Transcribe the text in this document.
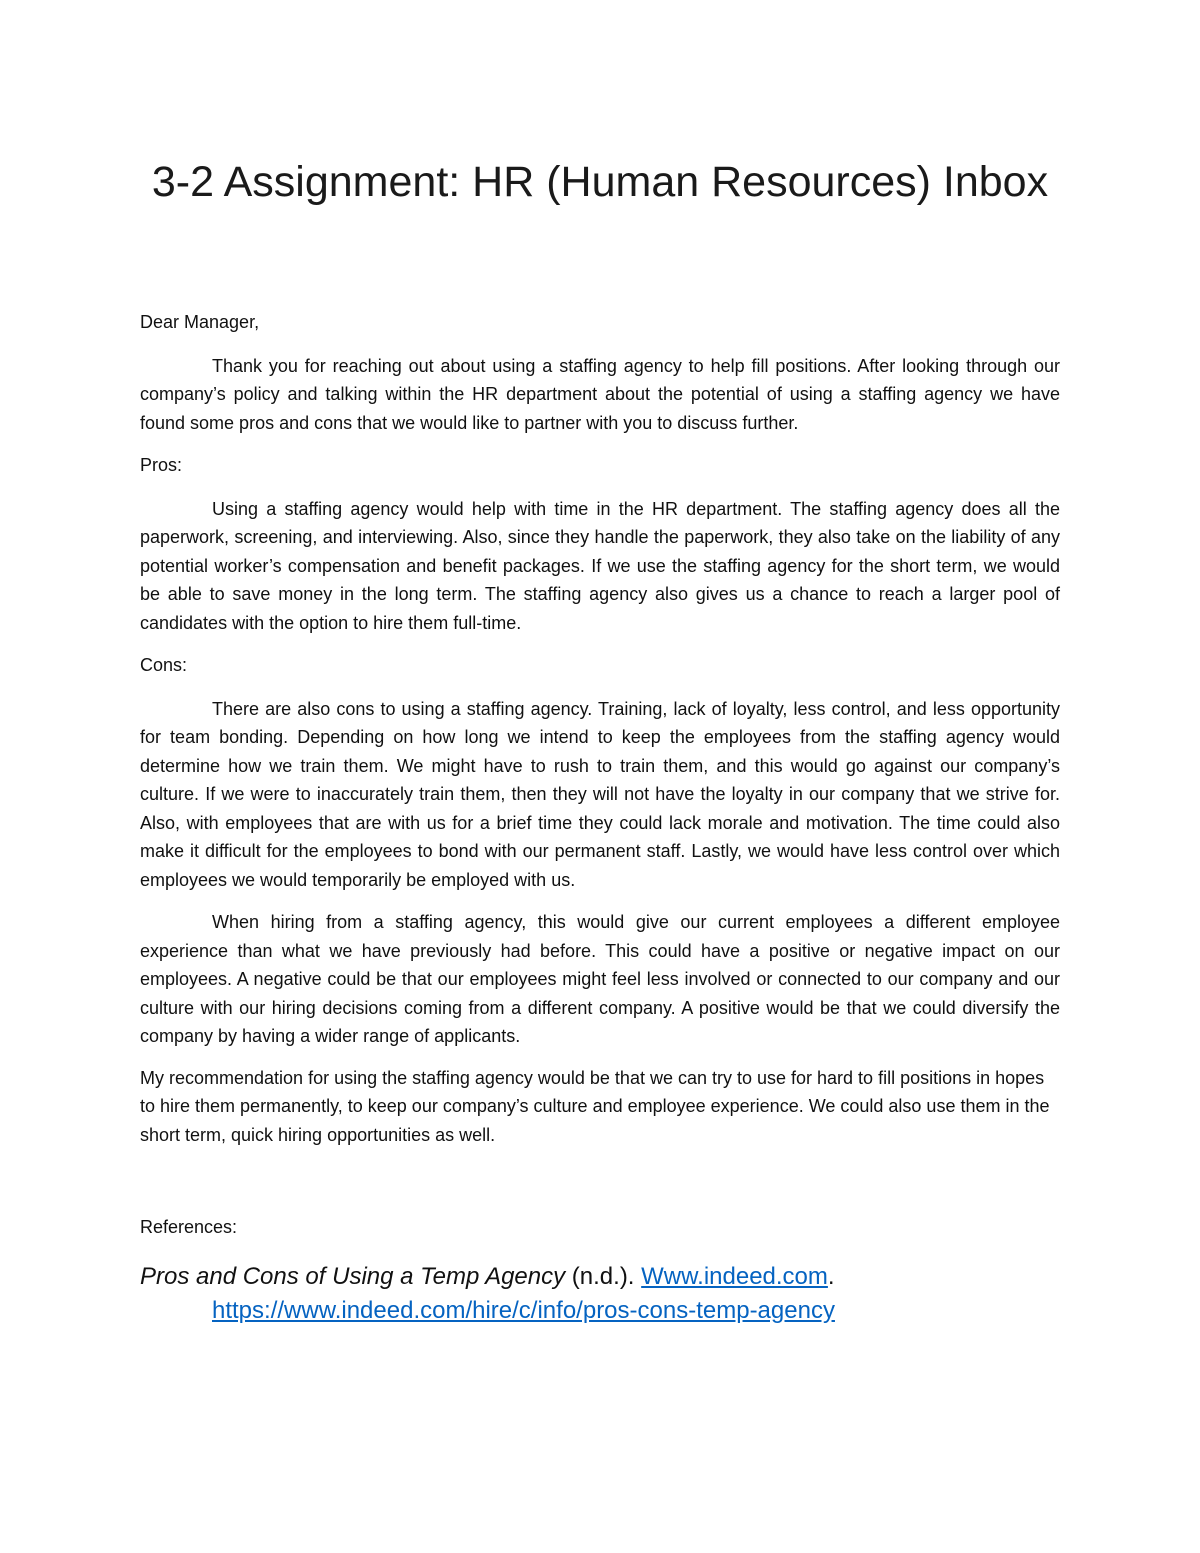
3-2 Assignment: HR (Human Resources) Inbox

Dear Manager,

Thank you for reaching out about using a staffing agency to help fill positions. After looking through our company’s policy and talking within the HR department about the potential of using a staffing agency we have found some pros and cons that we would like to partner with you to discuss further.

Pros:

Using a staffing agency would help with time in the HR department. The staffing agency does all the paperwork, screening, and interviewing. Also, since they handle the paperwork, they also take on the liability of any potential worker’s compensation and benefit packages. If we use the staffing agency for the short term, we would be able to save money in the long term. The staffing agency also gives us a chance to reach a larger pool of candidates with the option to hire them full-time.

Cons:

There are also cons to using a staffing agency. Training, lack of loyalty, less control, and less opportunity for team bonding. Depending on how long we intend to keep the employees from the staffing agency would determine how we train them. We might have to rush to train them, and this would go against our company’s culture. If we were to inaccurately train them, then they will not have the loyalty in our company that we strive for. Also, with employees that are with us for a brief time they could lack morale and motivation. The time could also make it difficult for the employees to bond with our permanent staff. Lastly, we would have less control over which employees we would temporarily be employed with us.

When hiring from a staffing agency, this would give our current employees a different employee experience than what we have previously had before. This could have a positive or negative impact on our employees. A negative could be that our employees might feel less involved or connected to our company and our culture with our hiring decisions coming from a different company. A positive would be that we could diversify the company by having a wider range of applicants.

My recommendation for using the staffing agency would be that we can try to use for hard to fill positions in hopes to hire them permanently, to keep our company’s culture and employee experience. We could also use them in the short term, quick hiring opportunities as well.

References:

Pros and Cons of Using a Temp Agency (n.d.). Www.indeed.com. https://www.indeed.com/hire/c/info/pros-cons-temp-agency
